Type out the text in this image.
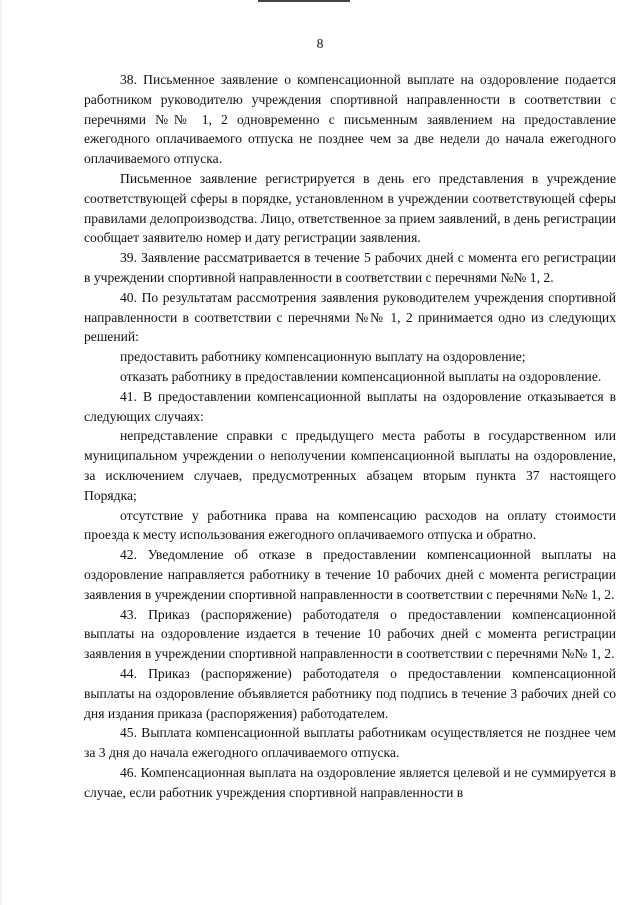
8

38. Письменное заявление о компенсационной выплате на оздоровление подается работником руководителю учреждения спортивной направленности в соответствии с перечнями №№ 1, 2 одновременно с письменным заявлением на предоставление ежегодного оплачиваемого отпуска не позднее чем за две недели до начала ежегодного оплачиваемого отпуска.

Письменное заявление регистрируется в день его представления в учреждение соответствующей сферы в порядке, установленном в учреждении соответствующей сферы правилами делопроизводства. Лицо, ответственное за прием заявлений, в день регистрации сообщает заявителю номер и дату регистрации заявления.

39. Заявление рассматривается в течение 5 рабочих дней с момента его регистрации в учреждении спортивной направленности в соответствии с перечнями №№ 1, 2.

40. По результатам рассмотрения заявления руководителем учреждения спортивной направленности в соответствии с перечнями №№ 1, 2 принимается одно из следующих решений:

предоставить работнику компенсационную выплату на оздоровление;

отказать работнику в предоставлении компенсационной выплаты на оздоровление.

41. В предоставлении компенсационной выплаты на оздоровление отказывается в следующих случаях:

непредставление справки с предыдущего места работы в государственном или муниципальном учреждении о неполучении компенсационной выплаты на оздоровление, за исключением случаев, предусмотренных абзацем вторым пункта 37 настоящего Порядка;

отсутствие у работника права на компенсацию расходов на оплату стоимости проезда к месту использования ежегодного оплачиваемого отпуска и обратно.

42. Уведомление об отказе в предоставлении компенсационной выплаты на оздоровление направляется работнику в течение 10 рабочих дней с момента регистрации заявления в учреждении спортивной направленности в соответствии с перечнями №№ 1, 2.

43. Приказ (распоряжение) работодателя о предоставлении компенсационной выплаты на оздоровление издается в течение 10 рабочих дней с момента регистрации заявления в учреждении спортивной направленности в соответствии с перечнями №№ 1, 2.

44. Приказ (распоряжение) работодателя о предоставлении компенсационной выплаты на оздоровление объявляется работнику под подпись в течение 3 рабочих дней со дня издания приказа (распоряжения) работодателем.

45. Выплата компенсационной выплаты работникам осуществляется не позднее чем за 3 дня до начала ежегодного оплачиваемого отпуска.

46. Компенсационная выплата на оздоровление является целевой и не суммируется в случае, если работник учреждения спортивной направленности в
